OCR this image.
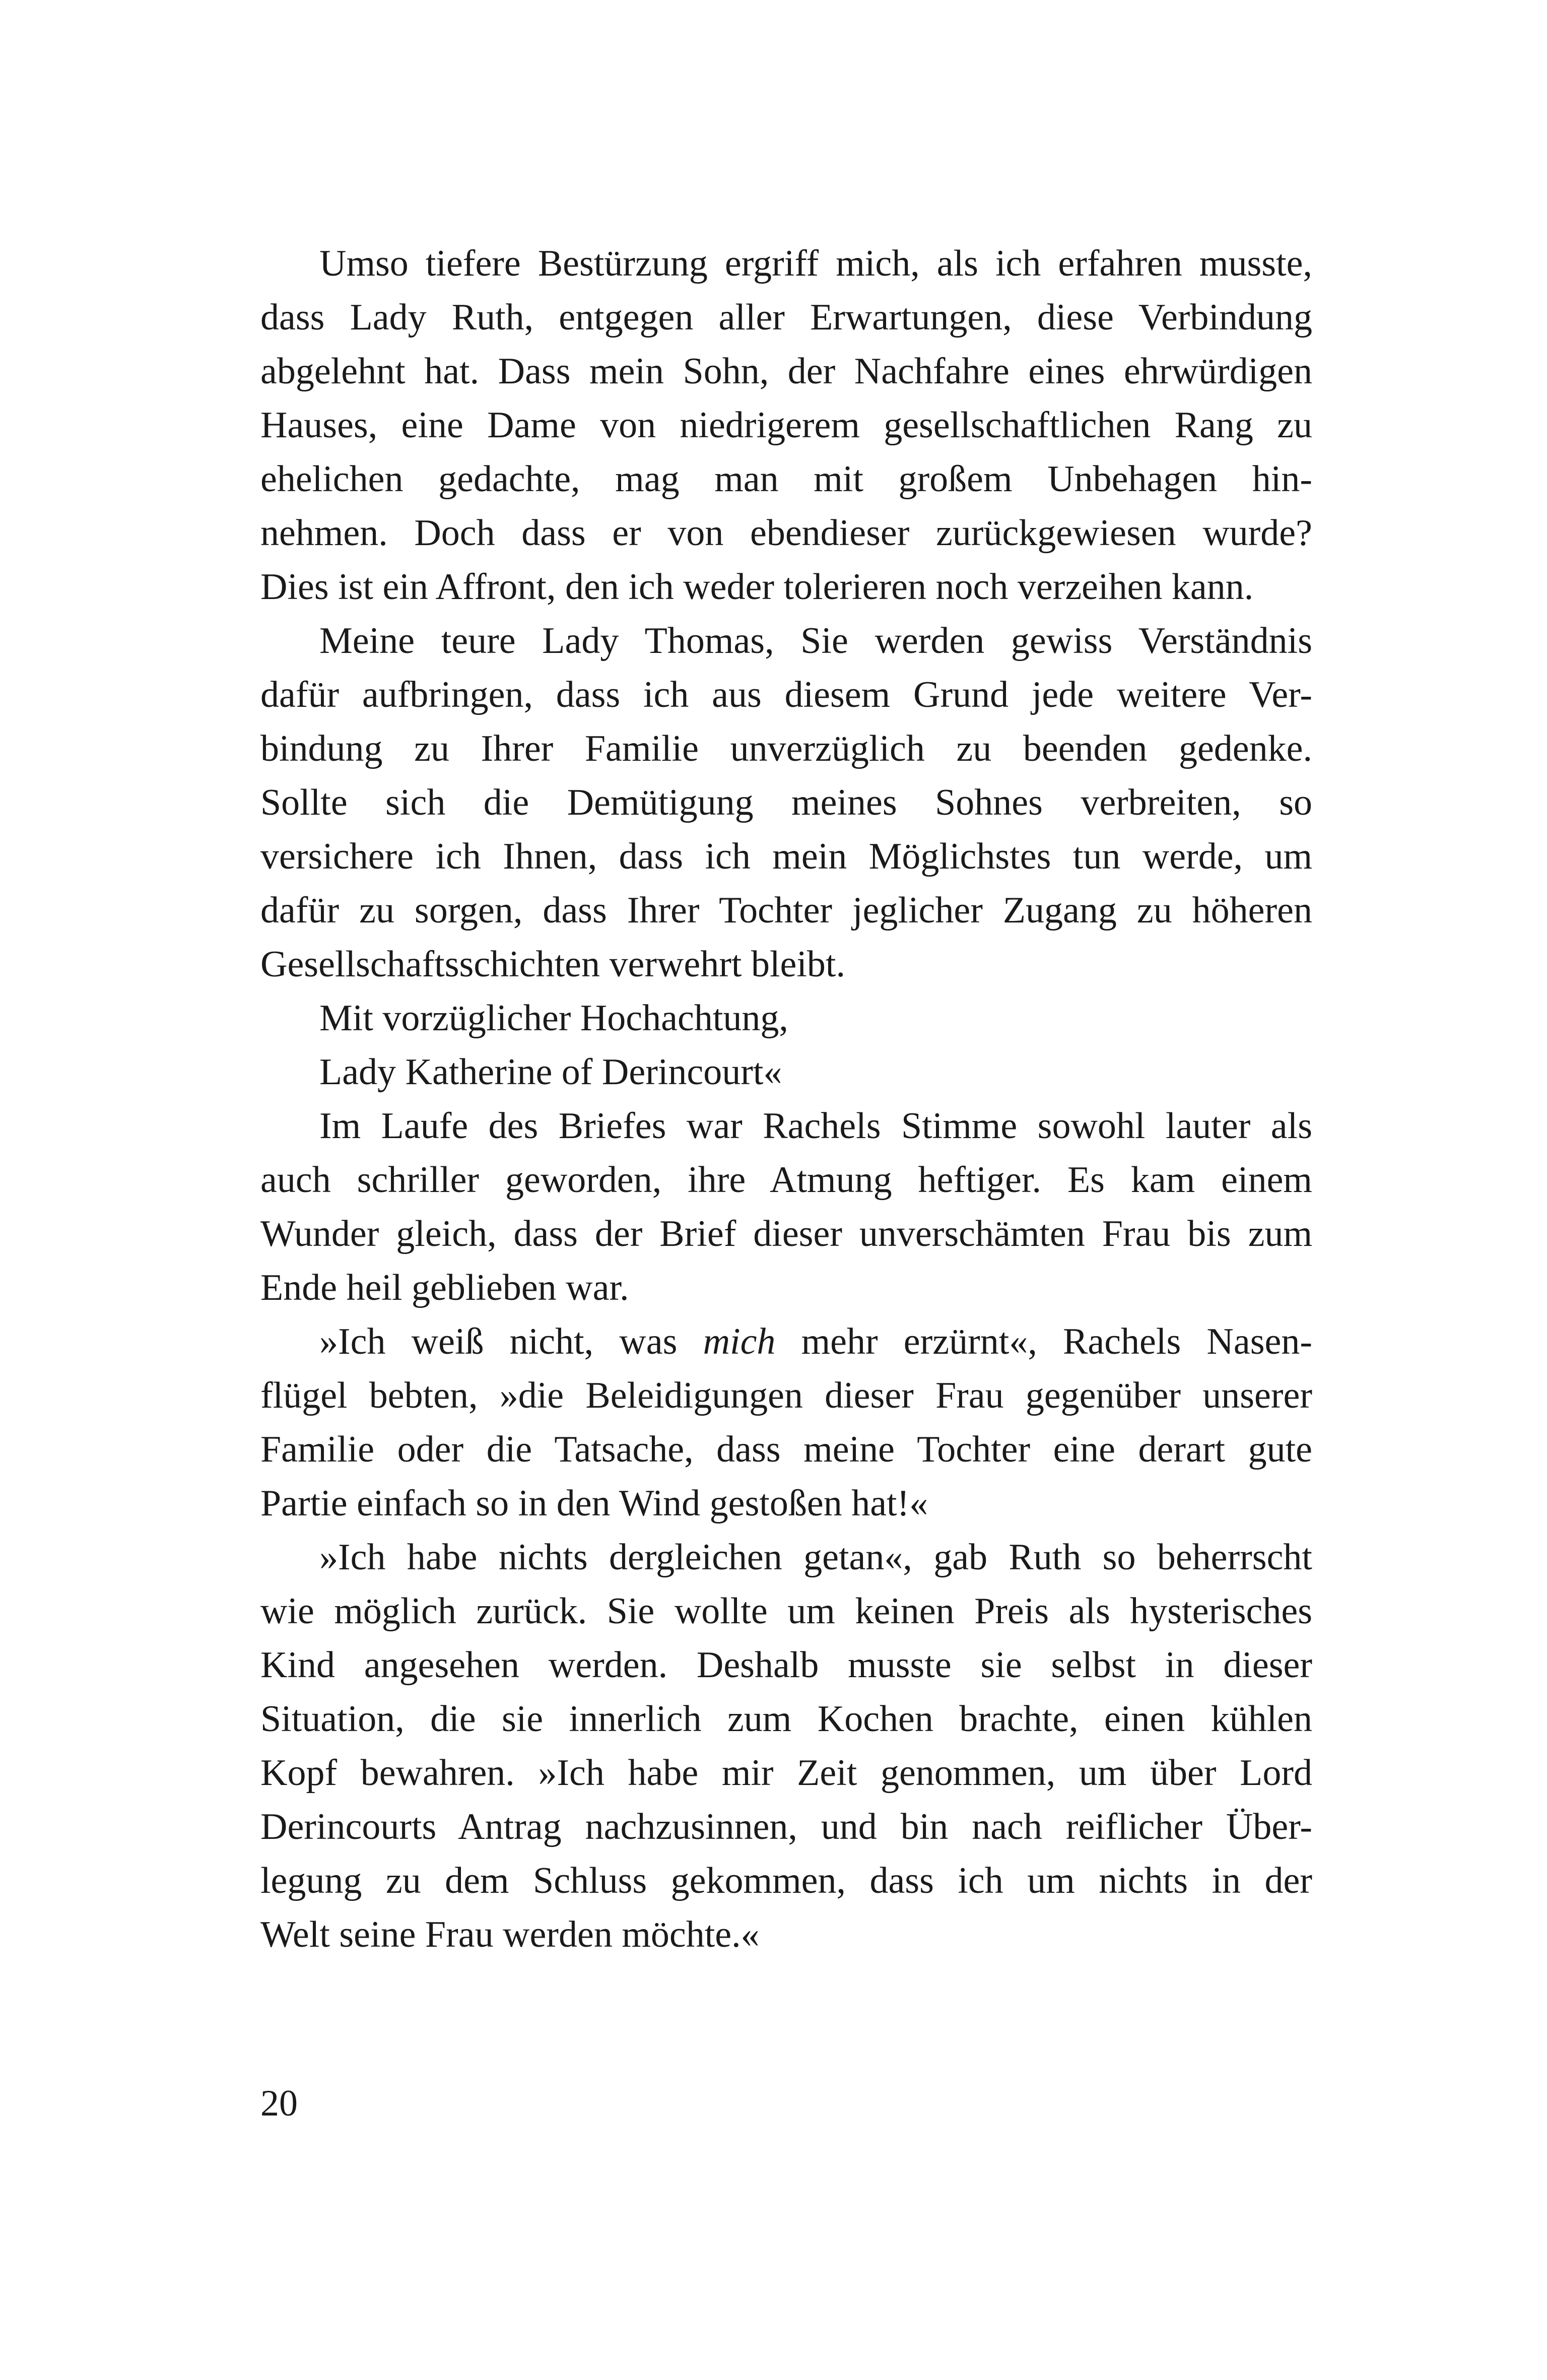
Umso tiefere Bestürzung ergriff mich, als ich erfahren musste,
dass Lady Ruth, entgegen aller Erwartungen, diese Verbindung
abgelehnt hat. Dass mein Sohn, der Nachfahre eines ehrwürdigen
Hauses, eine Dame von niedrigerem gesellschaftlichen Rang zu
ehelichen gedachte, mag man mit großem Unbehagen hin-
nehmen. Doch dass er von ebendieser zurückgewiesen wurde?
Dies ist ein Affront, den ich weder tolerieren noch verzeihen kann.
Meine teure Lady Thomas, Sie werden gewiss Verständnis
dafür aufbringen, dass ich aus diesem Grund jede weitere Ver-
bindung zu Ihrer Familie unverzüglich zu beenden gedenke.
Sollte sich die Demütigung meines Sohnes verbreiten, so
versichere ich Ihnen, dass ich mein Möglichstes tun werde, um
dafür zu sorgen, dass Ihrer Tochter jeglicher Zugang zu höheren
Gesellschaftsschichten verwehrt bleibt.
Mit vorzüglicher Hochachtung,
Lady Katherine of Derincourt«
Im Laufe des Briefes war Rachels Stimme sowohl lauter als
auch schriller geworden, ihre Atmung heftiger. Es kam einem
Wunder gleich, dass der Brief dieser unverschämten Frau bis zum
Ende heil geblieben war.
»Ich weiß nicht, was mich mehr erzürnt«, Rachels Nasen-
flügel bebten, »die Beleidigungen dieser Frau gegenüber unserer
Familie oder die Tatsache, dass meine Tochter eine derart gute
Partie einfach so in den Wind gestoßen hat!«
»Ich habe nichts dergleichen getan«, gab Ruth so beherrscht
wie möglich zurück. Sie wollte um keinen Preis als hysterisches
Kind angesehen werden. Deshalb musste sie selbst in dieser
Situation, die sie innerlich zum Kochen brachte, einen kühlen
Kopf bewahren. »Ich habe mir Zeit genommen, um über Lord
Derincourts Antrag nachzusinnen, und bin nach reiflicher Über-
legung zu dem Schluss gekommen, dass ich um nichts in der
Welt seine Frau werden möchte.«
20
